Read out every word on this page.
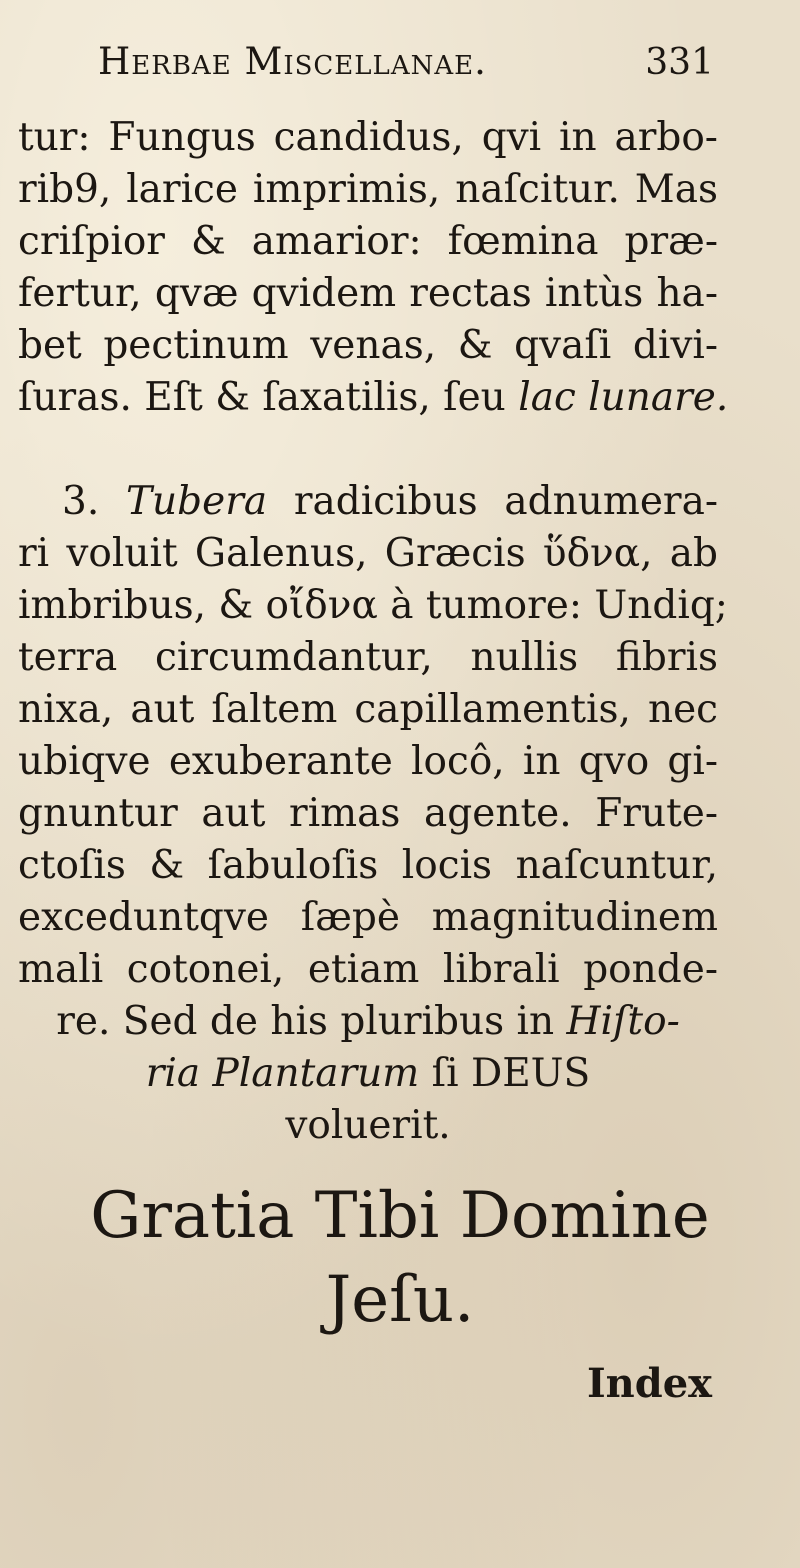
Herbae Miscellanae.	331
tur: Fungus candidus, qvi in arbo-
rib9, larice imprimis, naſcitur. Mas
criſpior & amarior: fœmina præ-
fertur, qvæ qvidem rectas intùs ha-
bet pectinum venas, & qvaſi divi-
ſuras. Eſt & ſaxatilis, ſeu lac lunare.
3. Tubera radicibus adnumera-
ri voluit Galenus, Græcis ὕδνα, ab
imbribus, & οἴδνα à tumore: Undiq;
terra circumdantur, nullis fibris
nixa, aut ſaltem capillamentis, nec
ubiqve exuberante locô, in qvo gi-
gnuntur aut rimas agente. Frute-
ctoſis & ſabuloſis locis naſcuntur,
exceduntqve ſæpè magnitudinem
mali cotonei, etiam librali ponde-
re. Sed de his pluribus in Hiſto-
ria Plantarum ſi DEUS
voluerit.
Gratia Tibi Domine
Jeſu.
Index
